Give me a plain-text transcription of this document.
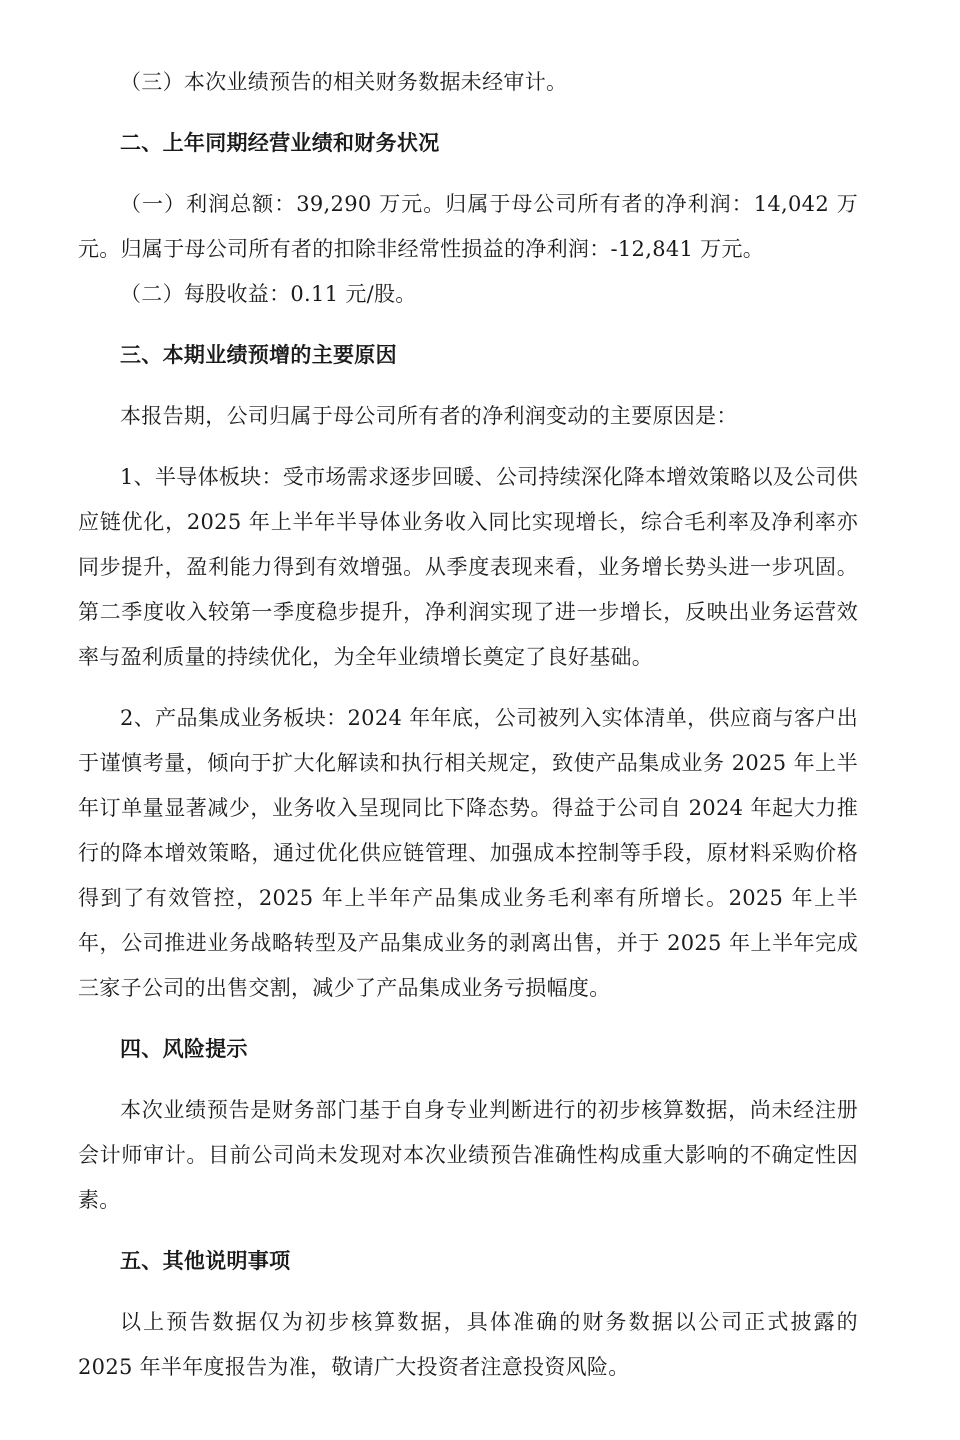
（三）本次业绩预告的相关财务数据未经审计。

二、上年同期经营业绩和财务状况

（一）利润总额：39,290 万元。归属于母公司所有者的净利润：14,042 万元。归属于母公司所有者的扣除非经常性损益的净利润：-12,841 万元。

（二）每股收益：0.11 元/股。

三、本期业绩预增的主要原因

本报告期，公司归属于母公司所有者的净利润变动的主要原因是：

1、半导体板块：受市场需求逐步回暖、公司持续深化降本增效策略以及公司供应链优化，2025 年上半年半导体业务收入同比实现增长，综合毛利率及净利率亦同步提升，盈利能力得到有效增强。从季度表现来看，业务增长势头进一步巩固。第二季度收入较第一季度稳步提升，净利润实现了进一步增长，反映出业务运营效率与盈利质量的持续优化，为全年业绩增长奠定了良好基础。

2、产品集成业务板块：2024 年年底，公司被列入实体清单，供应商与客户出于谨慎考量，倾向于扩大化解读和执行相关规定，致使产品集成业务 2025 年上半年订单量显著减少，业务收入呈现同比下降态势。得益于公司自 2024 年起大力推行的降本增效策略，通过优化供应链管理、加强成本控制等手段，原材料采购价格得到了有效管控，2025 年上半年产品集成业务毛利率有所增长。2025 年上半年，公司推进业务战略转型及产品集成业务的剥离出售，并于 2025 年上半年完成三家子公司的出售交割，减少了产品集成业务亏损幅度。

四、风险提示

本次业绩预告是财务部门基于自身专业判断进行的初步核算数据，尚未经注册会计师审计。目前公司尚未发现对本次业绩预告准确性构成重大影响的不确定性因素。

五、其他说明事项

以上预告数据仅为初步核算数据，具体准确的财务数据以公司正式披露的 2025 年半年度报告为准，敬请广大投资者注意投资风险。
